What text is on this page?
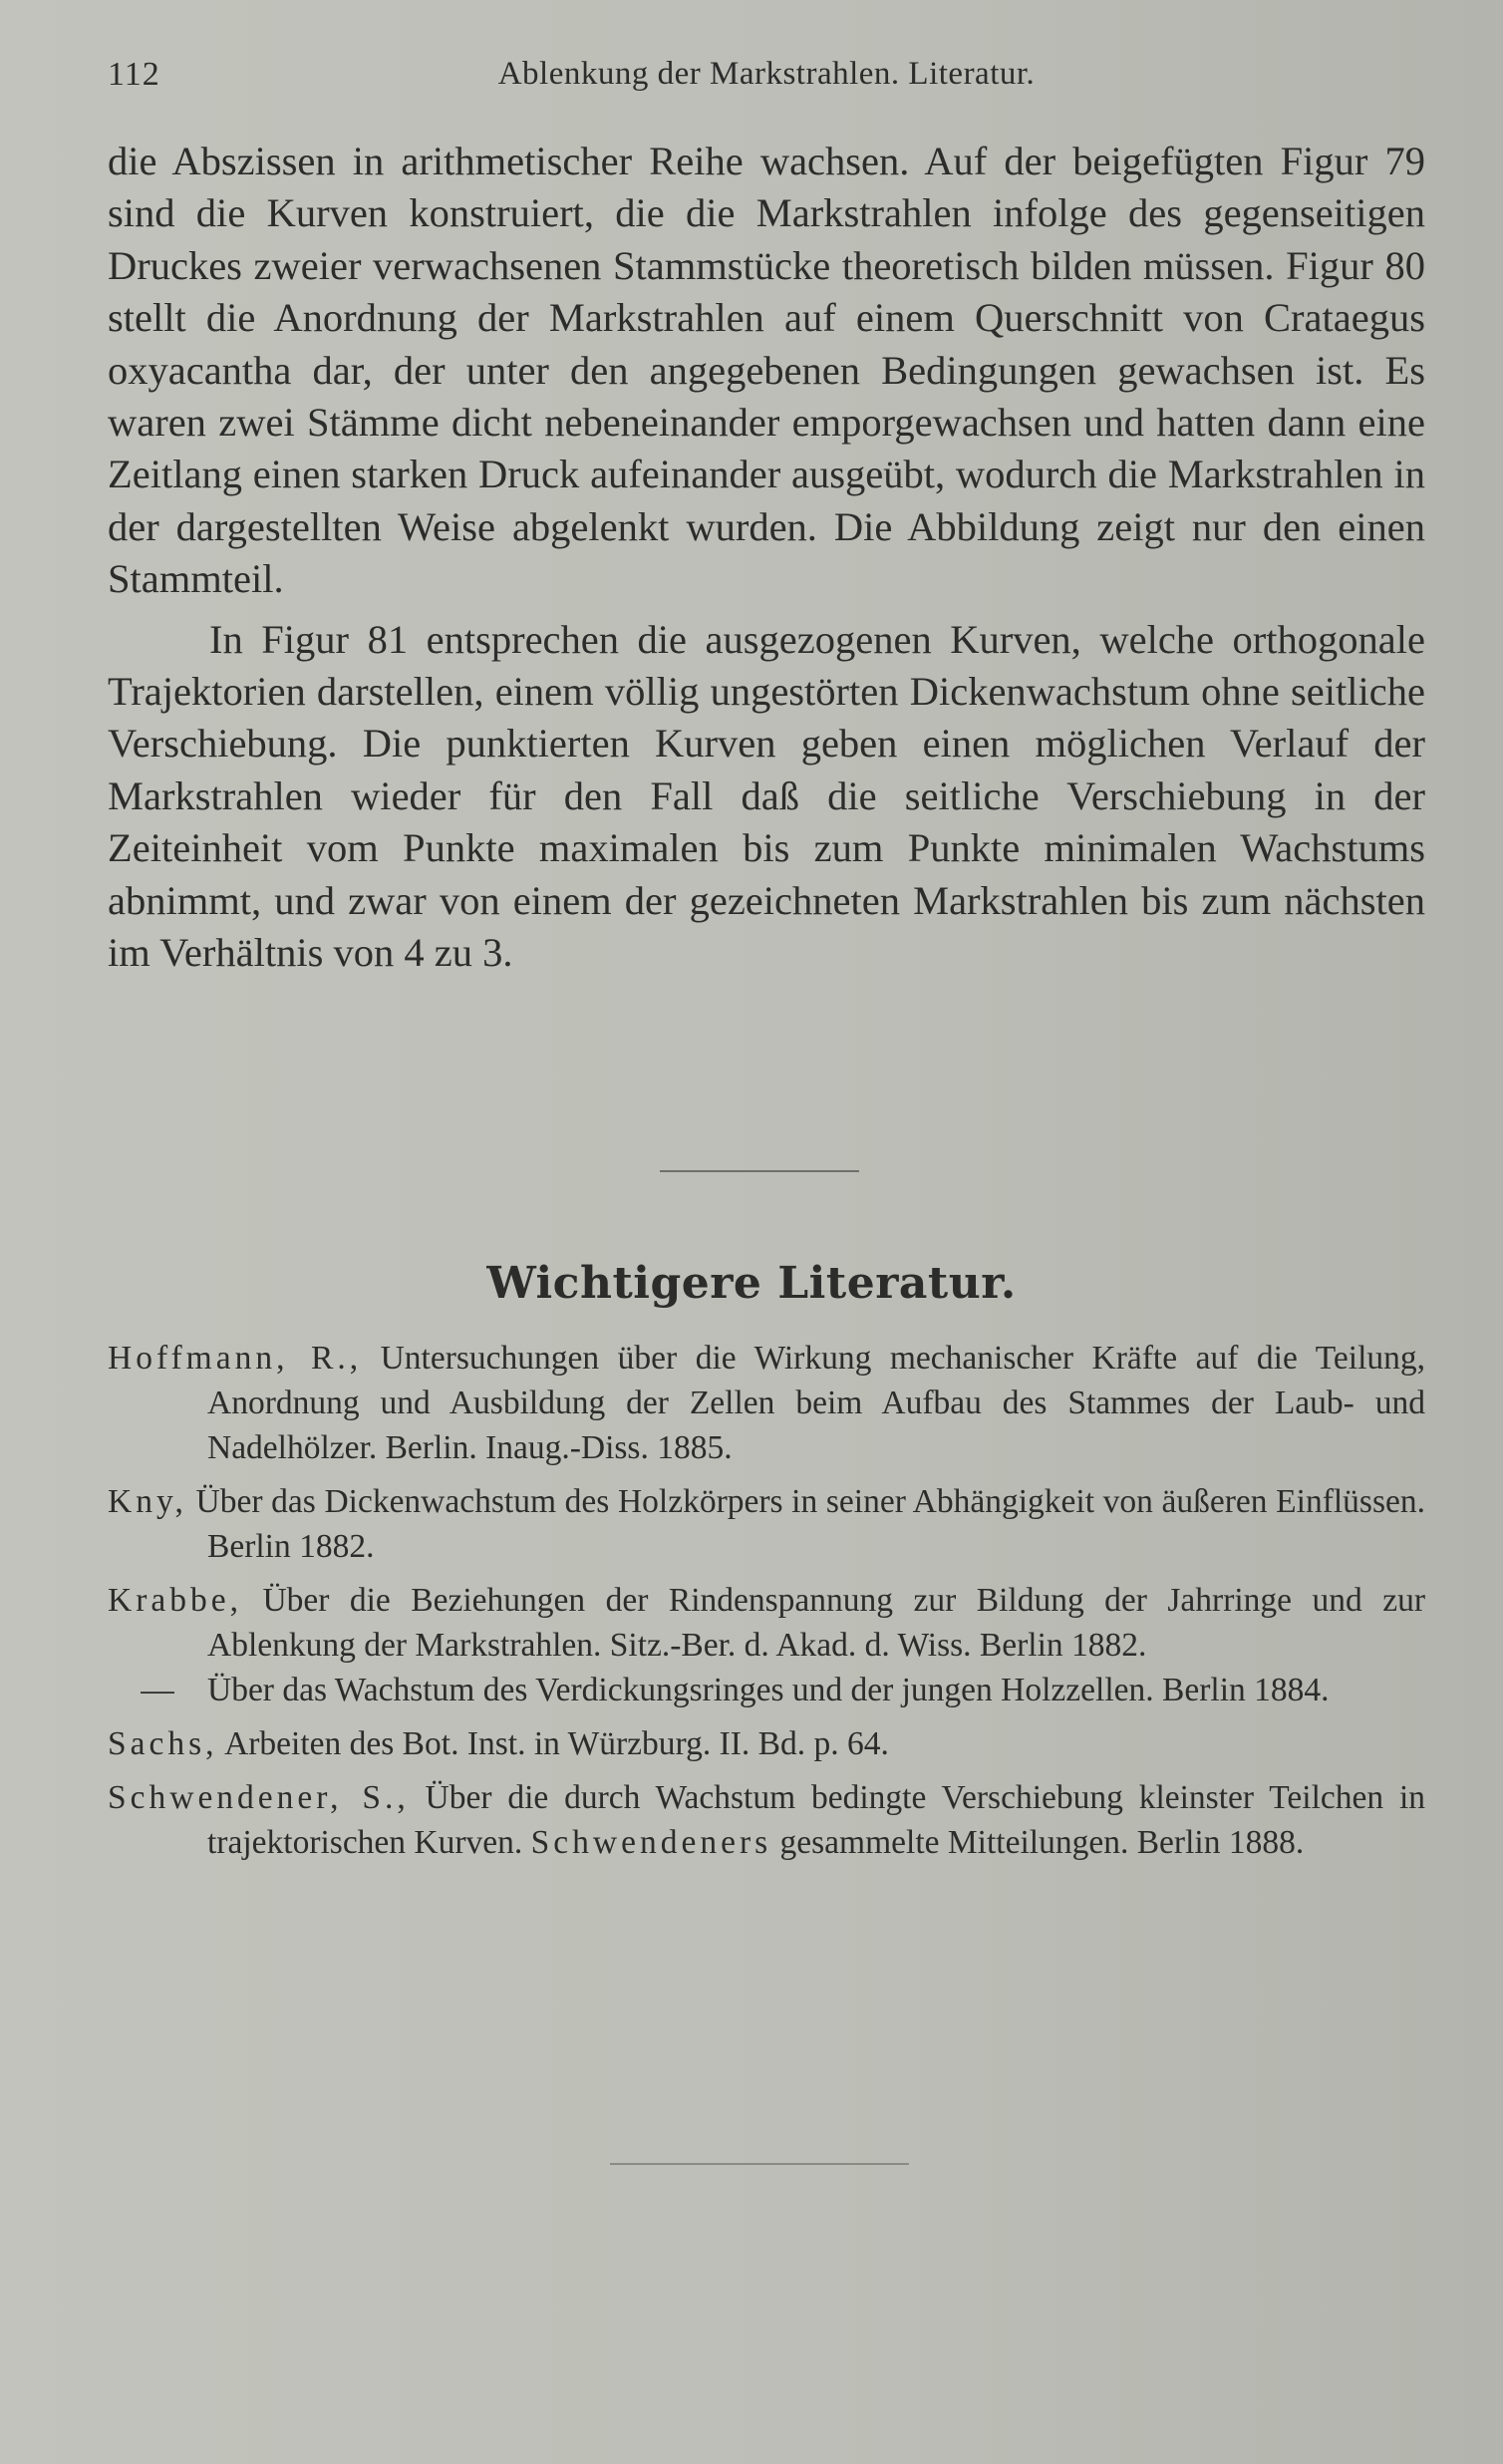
112	Ablenkung der Markstrahlen. Literatur.

die Abszissen in arithmetischer Reihe wachsen. Auf der beigefügten Figur 79 sind die Kurven konstruiert, die die Markstrahlen infolge des gegenseitigen Druckes zweier verwachsenen Stammstücke theoretisch bilden müssen. Figur 80 stellt die Anordnung der Markstrahlen auf einem Querschnitt von Crataegus oxyacantha dar, der unter den angegebenen Bedingungen gewachsen ist. Es waren zwei Stämme dicht nebeneinander emporgewachsen und hatten dann eine Zeitlang einen starken Druck aufeinander ausgeübt, wodurch die Markstrahlen in der dargestellten Weise abgelenkt wurden. Die Abbildung zeigt nur den einen Stammteil.

In Figur 81 entsprechen die ausgezogenen Kurven, welche orthogonale Trajektorien darstellen, einem völlig ungestörten Dickenwachstum ohne seitliche Verschiebung. Die punktierten Kurven geben einen möglichen Verlauf der Markstrahlen wieder für den Fall daß die seitliche Verschiebung in der Zeiteinheit vom Punkte maximalen bis zum Punkte minimalen Wachstums abnimmt, und zwar von einem der gezeichneten Markstrahlen bis zum nächsten im Verhältnis von 4 zu 3.

Wichtigere Literatur.
Hoffmann, R., Untersuchungen über die Wirkung mechanischer Kräfte auf die Teilung, Anordnung und Ausbildung der Zellen beim Aufbau des Stammes der Laub- und Nadelhölzer. Berlin. Inaug.-Diss. 1885.
Kny, Über das Dickenwachstum des Holzkörpers in seiner Abhängigkeit von äußeren Einflüssen. Berlin 1882.
Krabbe, Über die Beziehungen der Rindenspannung zur Bildung der Jahrringe und zur Ablenkung der Markstrahlen. Sitz.-Ber. d. Akad. d. Wiss. Berlin 1882.
— Über das Wachstum des Verdickungsringes und der jungen Holzzellen. Berlin 1884.
Sachs, Arbeiten des Bot. Inst. in Würzburg. II. Bd. p. 64.
Schwendener, S., Über die durch Wachstum bedingte Verschiebung kleinster Teilchen in trajektorischen Kurven. Schwendeners gesammelte Mitteilungen. Berlin 1888.
